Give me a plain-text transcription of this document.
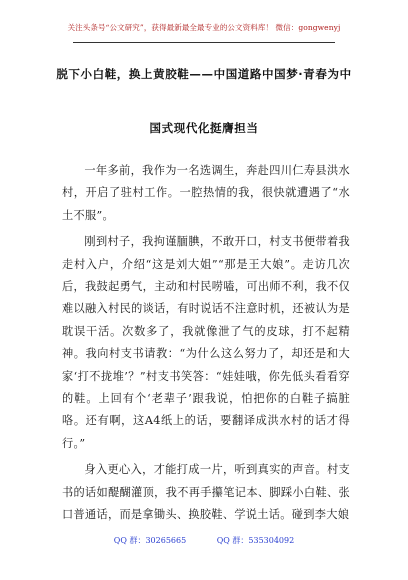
关注头条号“公文研究”，获得最新最全最专业的公文资料库！ 微信：gongwenyj
脱下小白鞋，换上黄胶鞋——中国道路中国梦·青春为中
国式现代化挺膺担当

一年多前，我作为一名选调生，奔赴四川仁寿县洪水村，开启了驻村工作。一腔热情的我，很快就遭遇了“水土不服”。

刚到村子，我拘谨腼腆，不敢开口，村支书便带着我走村入户，介绍“这是刘大姐”“那是王大娘”。走访几次后，我鼓起勇气，主动和村民唠嗑，可出师不利，我不仅难以融入村民的谈话，有时说话不注意时机，还被认为是耽误干活。次数多了，我就像泄了气的皮球，打不起精神。我向村支书请教：“为什么这么努力了，却还是和大家‘打不拢堆’？”村支书笑答：“娃娃哦，你先低头看看穿的鞋。上回有个‘老辈子’跟我说，怕把你的白鞋子搞脏咯。还有啊，这A4纸上的话，要翻译成洪水村的话才得行。”

身入更心入，才能打成一片，听到真实的声音。村支书的话如醍醐灌顶，我不再手攥笔记本、脚踩小白鞋、张口普通话，而是拿锄头、换胶鞋、学说土话。碰到李大娘

QQ 群：30265665	QQ 群：535304092
